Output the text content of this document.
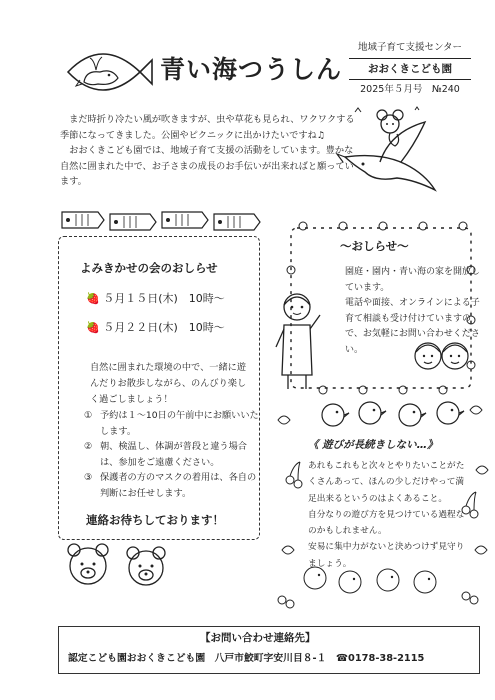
青い海つうしん
地域子育て支援センター
おおくきこども園
2025年５月号　№240

　まだ時折り冷たい風が吹きますが、虫や草花も見られ、ワクワクする季節になってきました。公園やピクニックに出かけたいですね♫

　おおくきこども園では、地域子育て支援の活動をしています。豊かな自然に囲まれた中で、お子さまの成長のお手伝いが出来ればと願っています。

よみきかせの会のおしらせ
🍓 ５月１５日(木)　10時～
🍓 ５月２２日(木)　10時～
自然に囲まれた環境の中で、一緒に遊んだりお散歩しながら、のんびり楽しく過ごしましょう！
① 予約は１～10日の午前中にお願いいたします。
② 朝、検温し、体調が普段と違う場合は、参加をご遠慮ください。
③ 保護者の方のマスクの着用は、各自の判断にお任せします。
連絡お待ちしております！
～おしらせ～

園庭・園内・青い海の家を開放しています。

電話や面接、オンラインによる子育て相談も受け付けていますので、お気軽にお問い合わせください。

《 遊びが長続きしない…》

あれもこれもと次々とやりたいことがたくさんあって、ほんの少しだけやって満足出来るというのはよくあること。

自分なりの遊び方を見つけている過程なのかもしれません。

安易に集中力がないと決めつけず見守りましょう。

【お問い合わせ連絡先】
認定こども園おおくきこども園 八戸市鮫町字安川目８-１ ☎0178-38-2115
